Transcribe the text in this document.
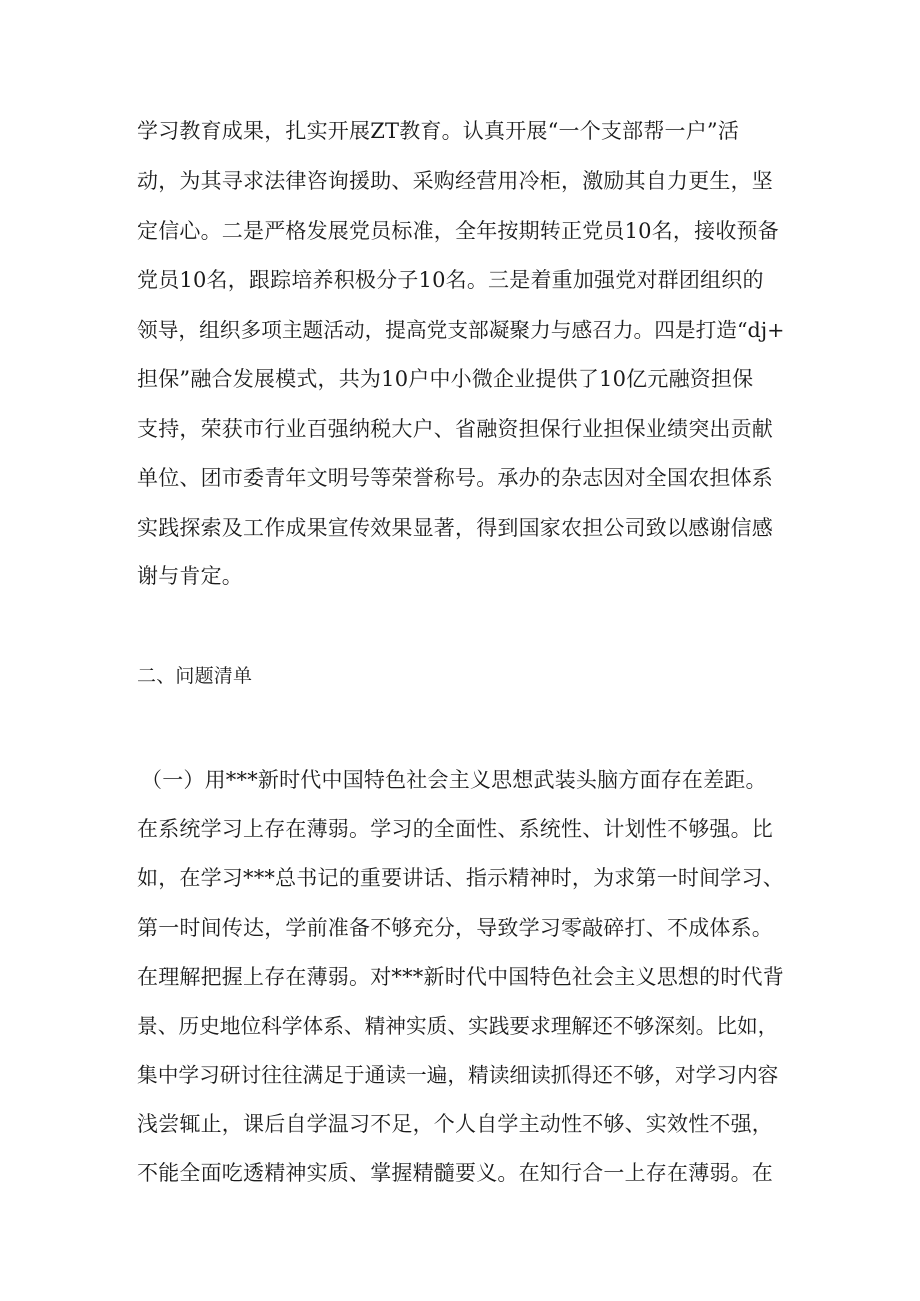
学习教育成果，扎实开展ZT教育。认真开展“一个支部帮一户”活
动，为其寻求法律咨询援助、采购经营用冷柜，激励其自力更生，坚
定信心。二是严格发展党员标准，全年按期转正党员10名，接收预备
党员10名，跟踪培养积极分子10名。三是着重加强党对群团组织的
领导，组织多项主题活动，提高党支部凝聚力与感召力。四是打造“dj+
担保”融合发展模式，共为10户中小微企业提供了10亿元融资担保
支持，荣获市行业百强纳税大户、省融资担保行业担保业绩突出贡献
单位、团市委青年文明号等荣誉称号。承办的杂志因对全国农担体系
实践探索及工作成果宣传效果显著，得到国家农担公司致以感谢信感
谢与肯定。
二、问题清单
（一）用***新时代中国特色社会主义思想武装头脑方面存在差距。
在系统学习上存在薄弱。学习的全面性、系统性、计划性不够强。比
如，在学习***总书记的重要讲话、指示精神时，为求第一时间学习、
第一时间传达，学前准备不够充分，导致学习零敲碎打、不成体系。
在理解把握上存在薄弱。对***新时代中国特色社会主义思想的时代背
景、历史地位科学体系、精神实质、实践要求理解还不够深刻。比如，
集中学习研讨往往满足于通读一遍，精读细读抓得还不够，对学习内容
浅尝辄止，课后自学温习不足，个人自学主动性不够、实效性不强，
不能全面吃透精神实质、掌握精髓要义。在知行合一上存在薄弱。在
